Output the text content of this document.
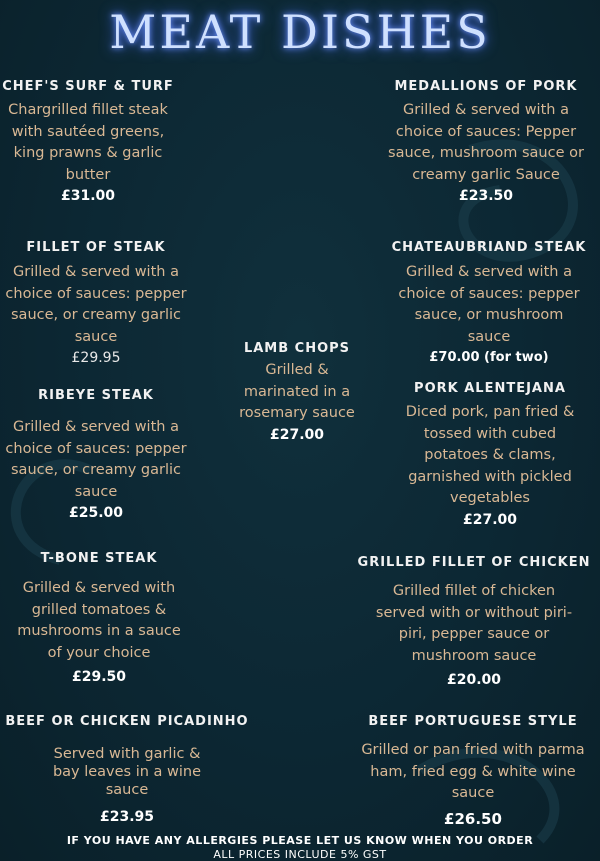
MEAT DISHES
CHEF'S SURF & TURF
Chargrilled fillet steak with sautéed greens, king prawns & garlic butter
£31.00
MEDALLIONS OF PORK
Grilled & served with a choice of sauces: Pepper sauce, mushroom sauce or creamy garlic Sauce
£23.50
FILLET OF STEAK
Grilled & served with a choice of sauces: pepper sauce, or creamy garlic sauce
£29.95
CHATEAUBRIAND STEAK
Grilled & served with a choice of sauces: pepper sauce, or mushroom sauce
£70.00 (for two)
LAMB CHOPS
Grilled & marinated in a rosemary sauce
£27.00
RIBEYE STEAK
Grilled & served with a choice of sauces: pepper sauce, or creamy garlic sauce
£25.00
PORK ALENTEJANA
Diced pork, pan fried & tossed with cubed potatoes & clams, garnished with pickled vegetables
£27.00
T-BONE STEAK
Grilled & served with grilled tomatoes & mushrooms in a sauce of your choice
£29.50
GRILLED FILLET OF CHICKEN
Grilled fillet of chicken served with or without piri-piri, pepper sauce or mushroom sauce
£20.00
BEEF OR CHICKEN PICADINHO
Served with garlic & bay leaves in a wine sauce
£23.95
BEEF PORTUGUESE STYLE
Grilled or pan fried with parma ham, fried egg & white wine sauce
£26.50
IF YOU HAVE ANY ALLERGIES PLEASE LET US KNOW WHEN YOU ORDER
ALL PRICES INCLUDE 5% GST
